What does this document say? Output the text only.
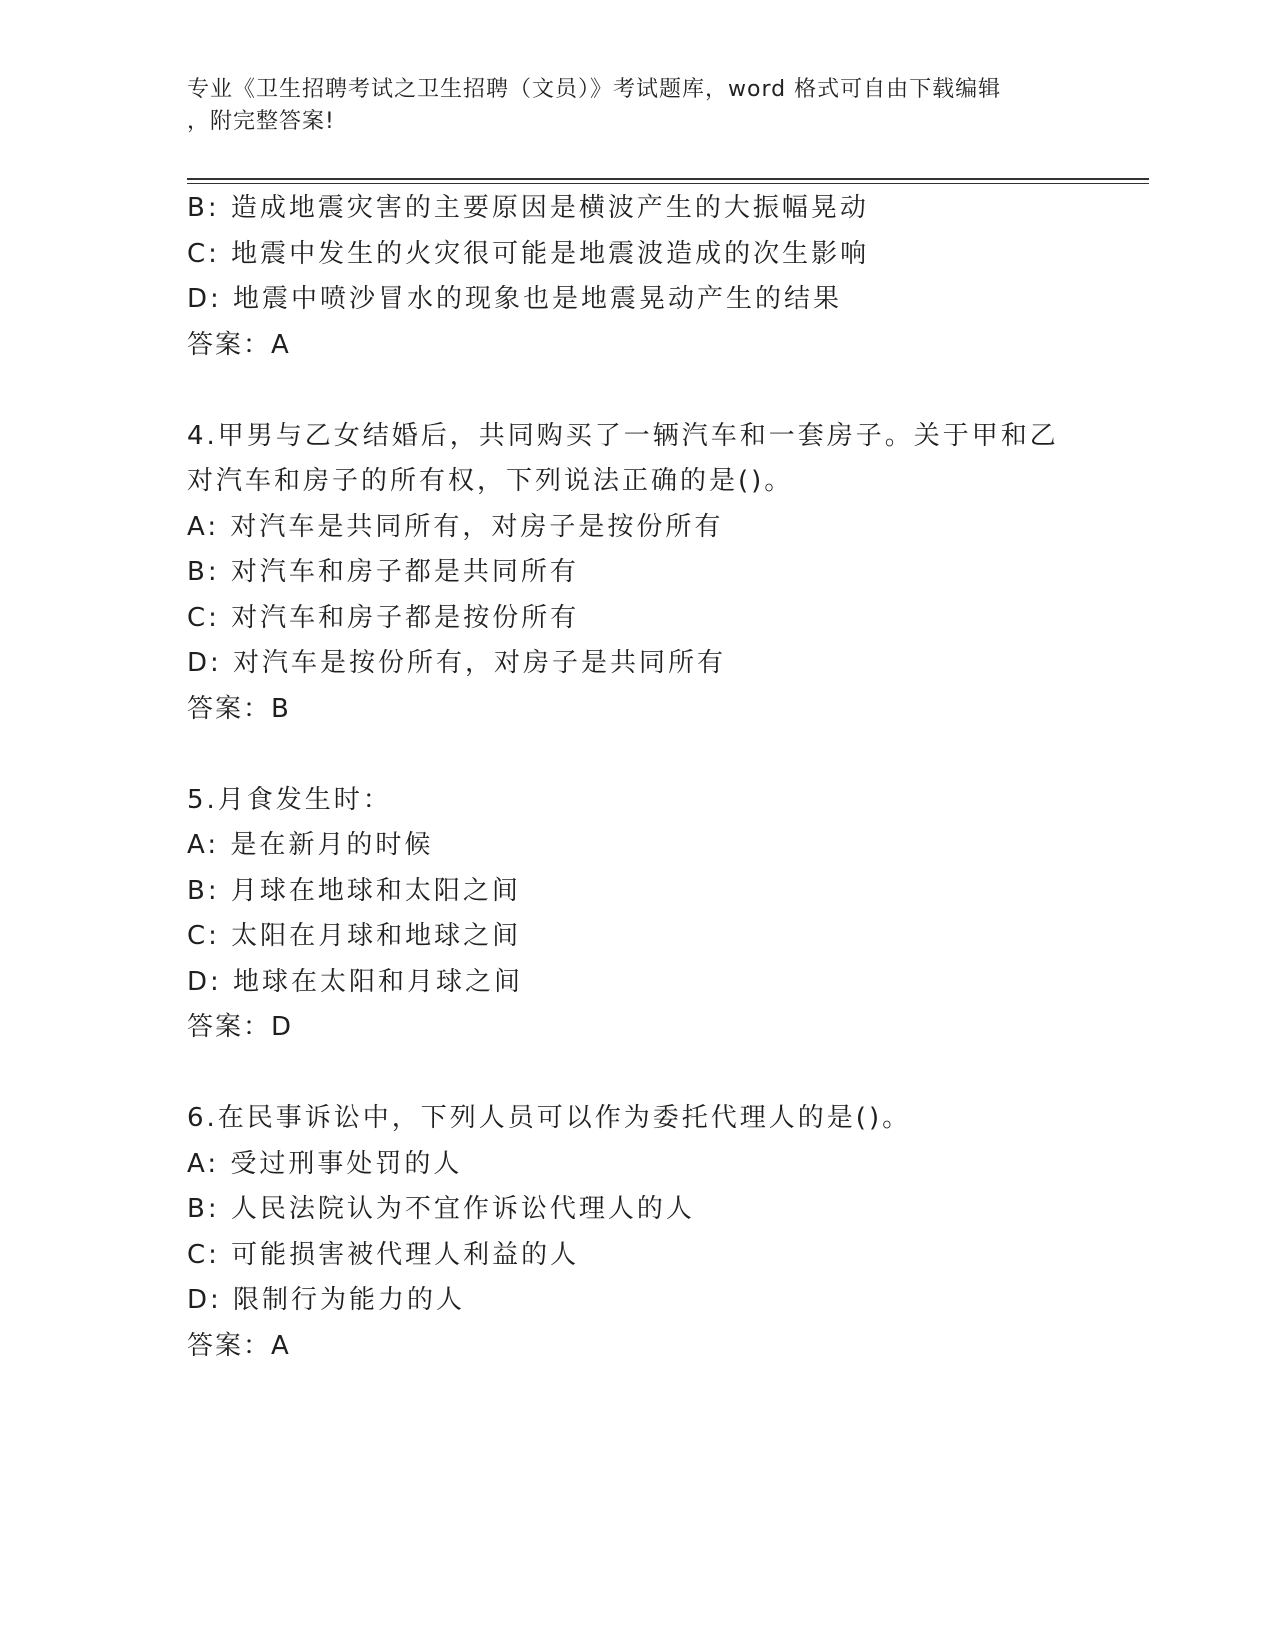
专业《卫生招聘考试之卫生招聘（文员）》考试题库，word 格式可自由下载编辑
，附完整答案!
B: 造成地震灾害的主要原因是横波产生的大振幅晃动
C: 地震中发生的火灾很可能是地震波造成的次生影响
D: 地震中喷沙冒水的现象也是地震晃动产生的结果
答案：A
4.甲男与乙女结婚后，共同购买了一辆汽车和一套房子。关于甲和乙
对汽车和房子的所有权，下列说法正确的是()。
A: 对汽车是共同所有，对房子是按份所有
B: 对汽车和房子都是共同所有
C: 对汽车和房子都是按份所有
D: 对汽车是按份所有，对房子是共同所有
答案：B
5.月食发生时：
A: 是在新月的时候
B: 月球在地球和太阳之间
C: 太阳在月球和地球之间
D: 地球在太阳和月球之间
答案：D
6.在民事诉讼中，下列人员可以作为委托代理人的是()。
A: 受过刑事处罚的人
B: 人民法院认为不宜作诉讼代理人的人
C: 可能损害被代理人利益的人
D: 限制行为能力的人
答案：A
